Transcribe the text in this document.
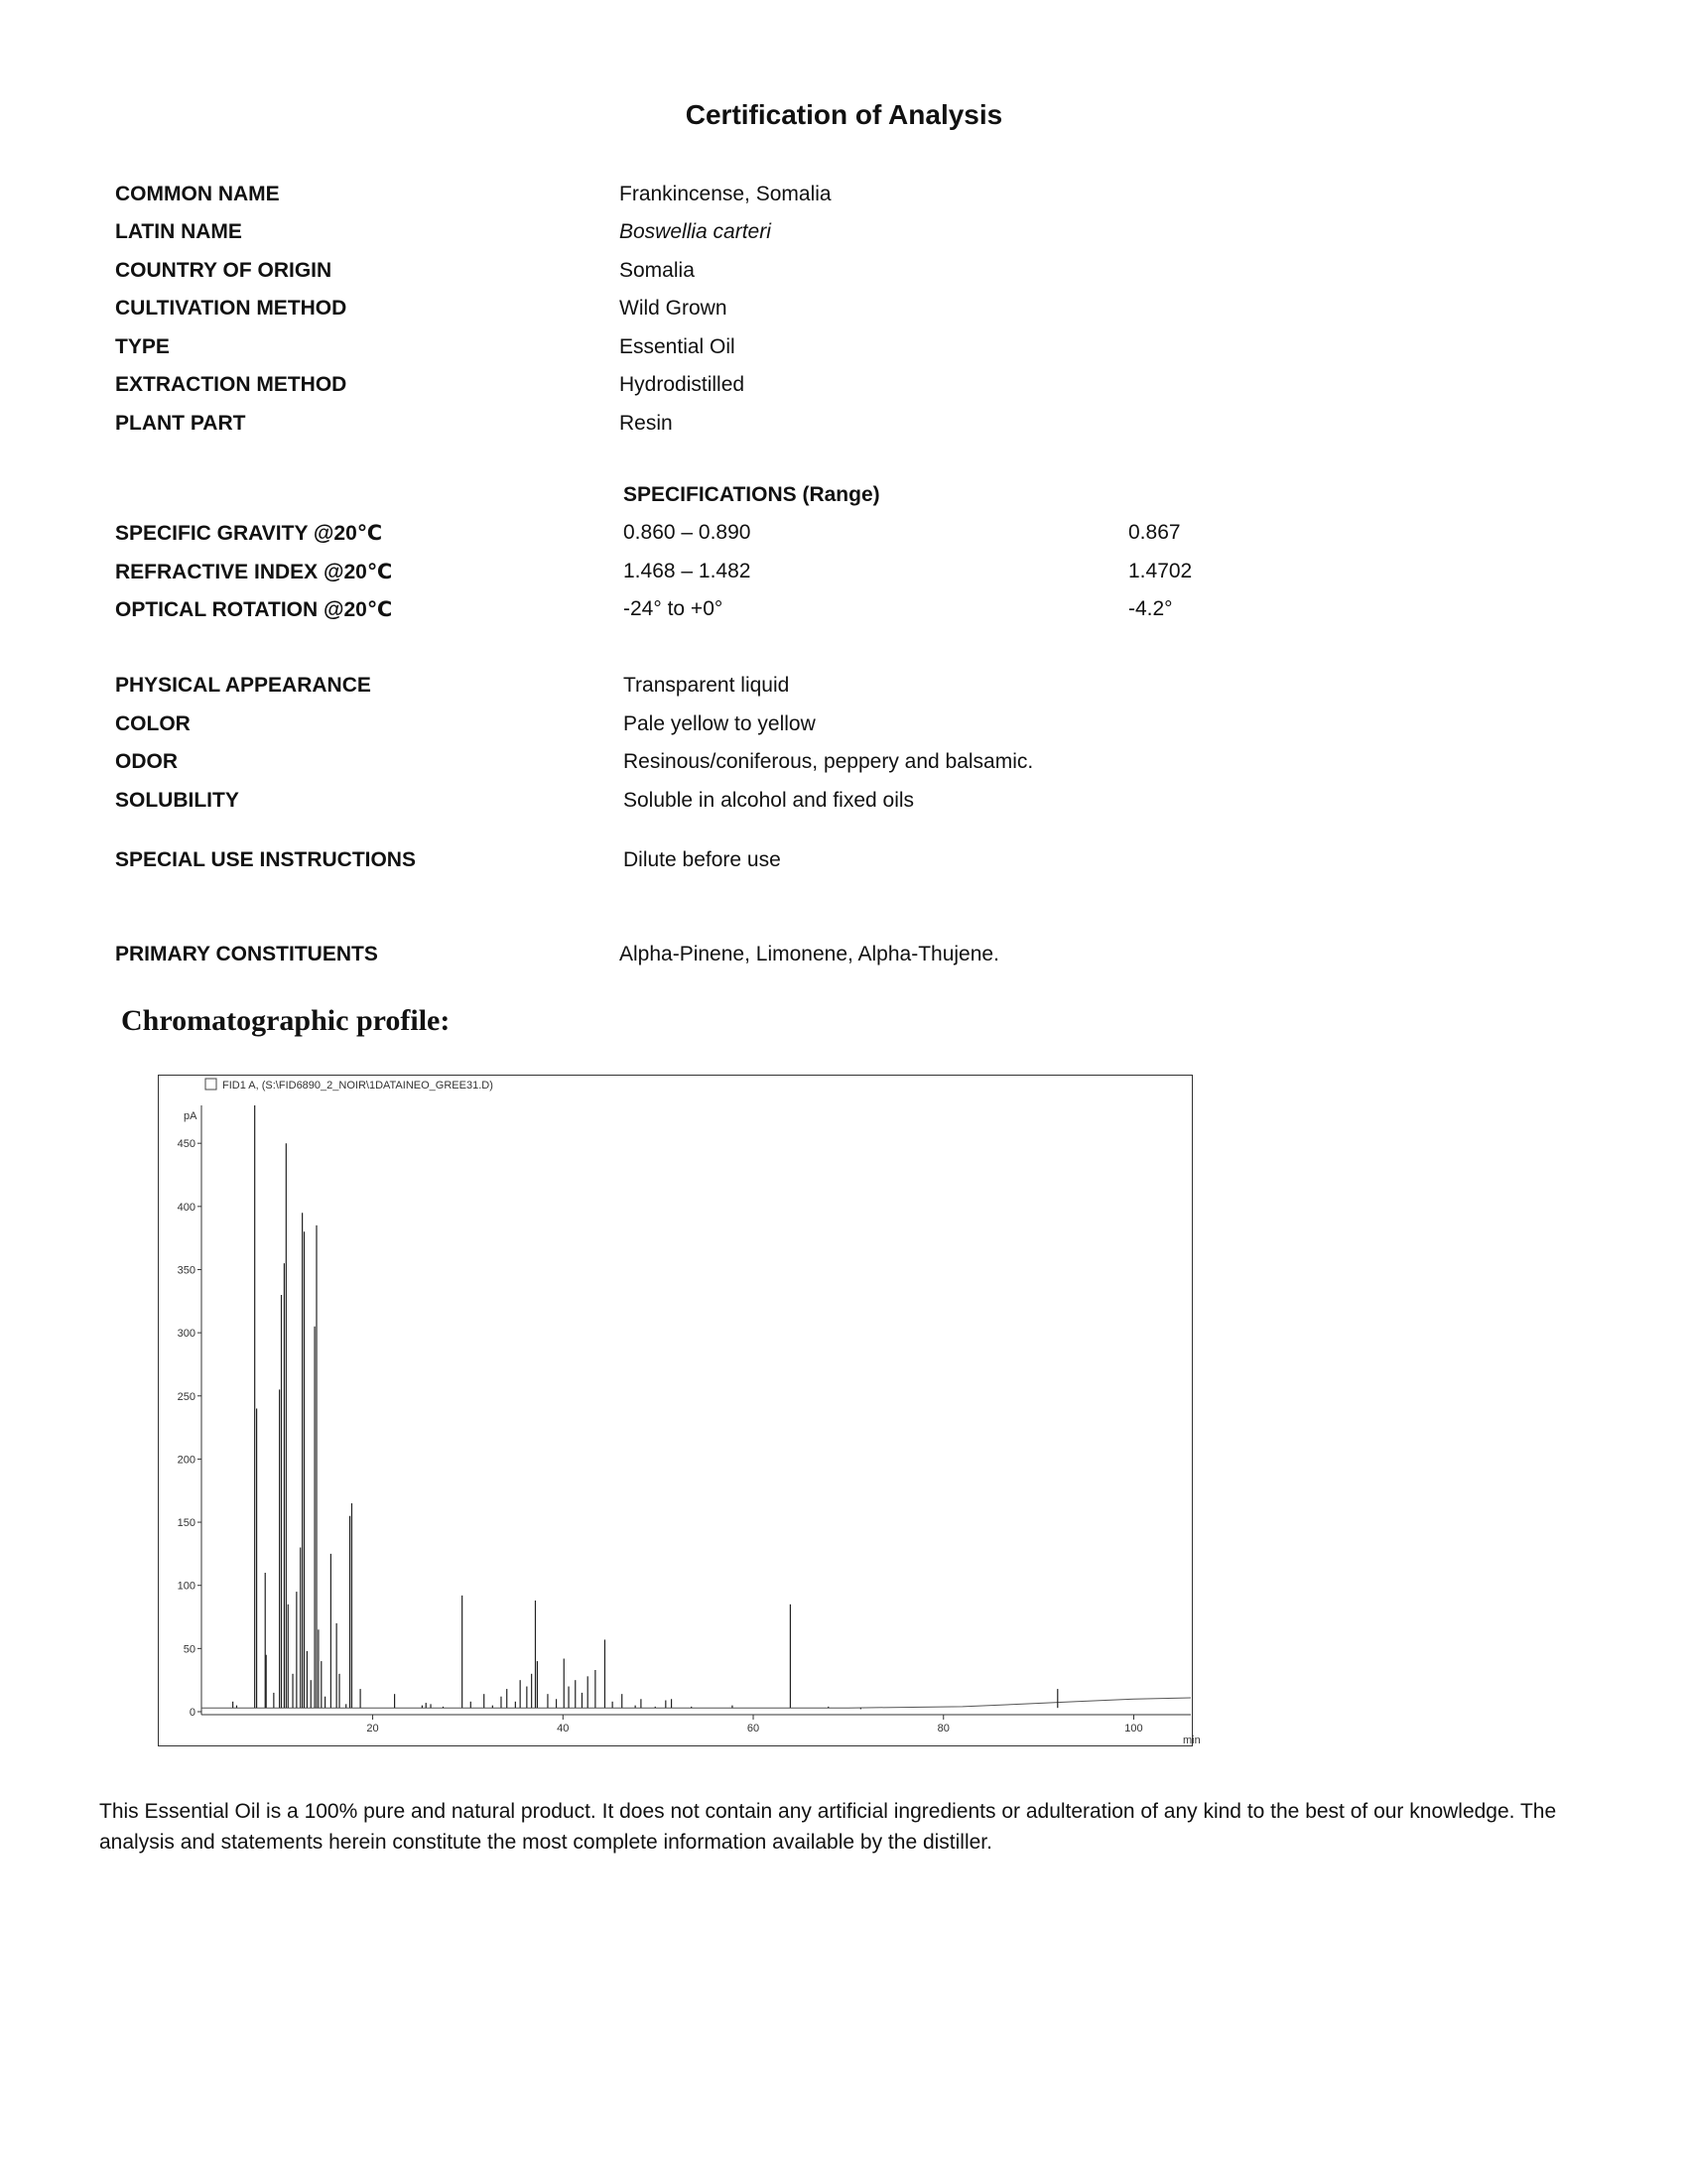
Certification of Analysis
COMMON NAME	Frankincense, Somalia
LATIN NAME	Boswellia carteri
COUNTRY OF ORIGIN	Somalia
CULTIVATION METHOD	Wild Grown
TYPE	Essential Oil
EXTRACTION METHOD	Hydrodistilled
PLANT PART	Resin
SPECIFICATIONS (Range)
SPECIFIC GRAVITY @20℃	0.860 – 0.890	0.867
REFRACTIVE INDEX @20℃	1.468 – 1.482	1.4702
OPTICAL ROTATION @20℃	-24° to +0°	-4.2°
PHYSICAL APPEARANCE	Transparent liquid
COLOR	Pale yellow to yellow
ODOR	Resinous/coniferous, peppery and balsamic.
SOLUBILITY	Soluble in alcohol and fixed oils
SPECIAL USE INSTRUCTIONS	Dilute before use
PRIMARY CONSTITUENTS	Alpha-Pinene, Limonene, Alpha-Thujene.
Chromatographic profile:
FID1 A, (S:\FID6890_2_NOIR\1DATAINEO_GREE31.D)
pA
min
0
50
100
150
200
250
300
350
400
450
20	40	60	80	100
This Essential Oil is a 100% pure and natural product. It does not contain any artificial ingredients or adulteration of any kind to the best of our knowledge. The analysis and statements herein constitute the most complete information available by the distiller.
